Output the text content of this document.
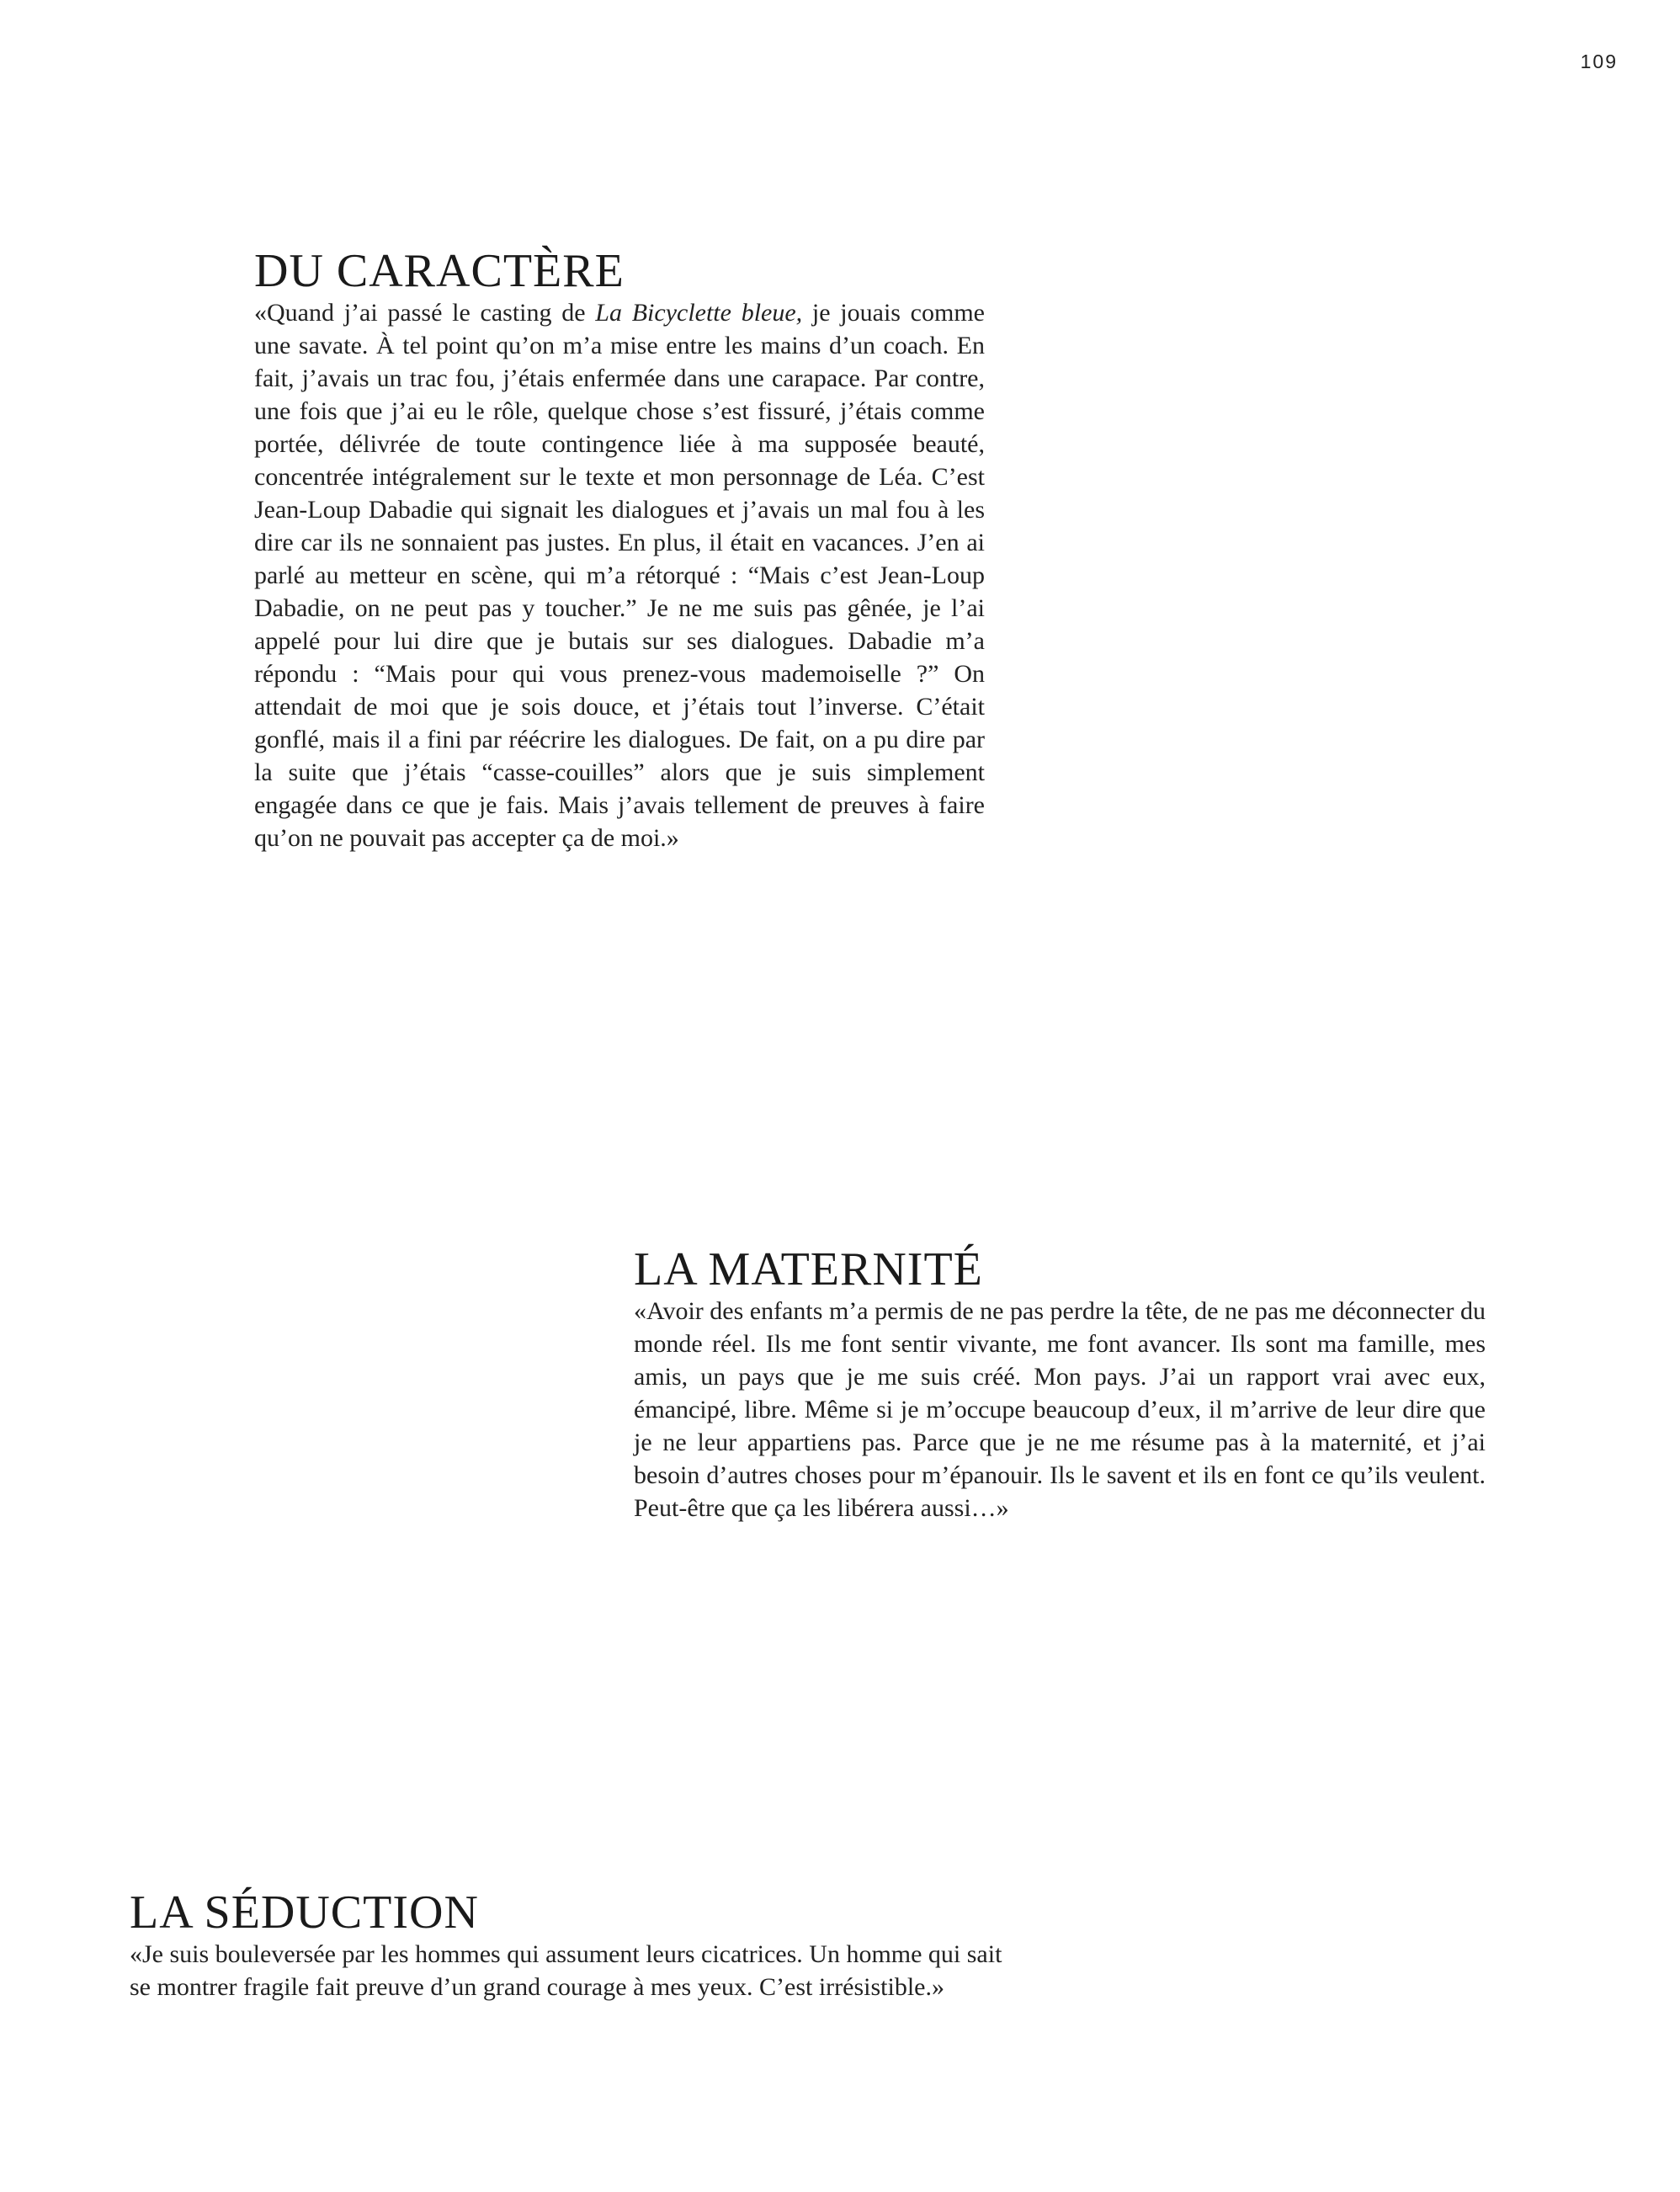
109
DU CARACTÈRE

«Quand j’ai passé le casting de La Bicyclette bleue, je jouais comme une savate. À tel point qu’on m’a mise entre les mains d’un coach. En fait, j’avais un trac fou, j’étais enfermée dans une carapace. Par contre, une fois que j’ai eu le rôle, quelque chose s’est fissuré, j’étais comme portée, délivrée de toute contingence liée à ma supposée beauté, concentrée intégralement sur le texte et mon personnage de Léa. C’est Jean-Loup Dabadie qui signait les dialogues et j’avais un mal fou à les dire car ils ne sonnaient pas justes. En plus, il était en vacances. J’en ai parlé au metteur en scène, qui m’a rétorqué : “Mais c’est Jean-Loup Dabadie, on ne peut pas y toucher.” Je ne me suis pas gênée, je l’ai appelé pour lui dire que je butais sur ses dialogues. Dabadie m’a répondu : “Mais pour qui vous prenez-vous mademoiselle ?” On attendait de moi que je sois douce, et j’étais tout l’inverse. C’était gonflé, mais il a fini par réécrire les dialogues. De fait, on a pu dire par la suite que j’étais “casse-couilles” alors que je suis simplement engagée dans ce que je fais. Mais j’avais tellement de preuves à faire qu’on ne pouvait pas accepter ça de moi.»

LA MATERNITÉ

«Avoir des enfants m’a permis de ne pas perdre la tête, de ne pas me déconnecter du monde réel. Ils me font sentir vivante, me font avancer. Ils sont ma famille, mes amis, un pays que je me suis créé. Mon pays. J’ai un rapport vrai avec eux, émancipé, libre. Même si je m’occupe beaucoup d’eux, il m’arrive de leur dire que je ne leur appartiens pas. Parce que je ne me résume pas à la maternité, et j’ai besoin d’autres choses pour m’épanouir. Ils le savent et ils en font ce qu’ils veulent. Peut-être que ça les libérera aussi…»

LA SÉDUCTION

«Je suis bouleversée par les hommes qui assument leurs cicatrices. Un homme qui sait
se montrer fragile fait preuve d’un grand courage à mes yeux. C’est irrésistible.»
